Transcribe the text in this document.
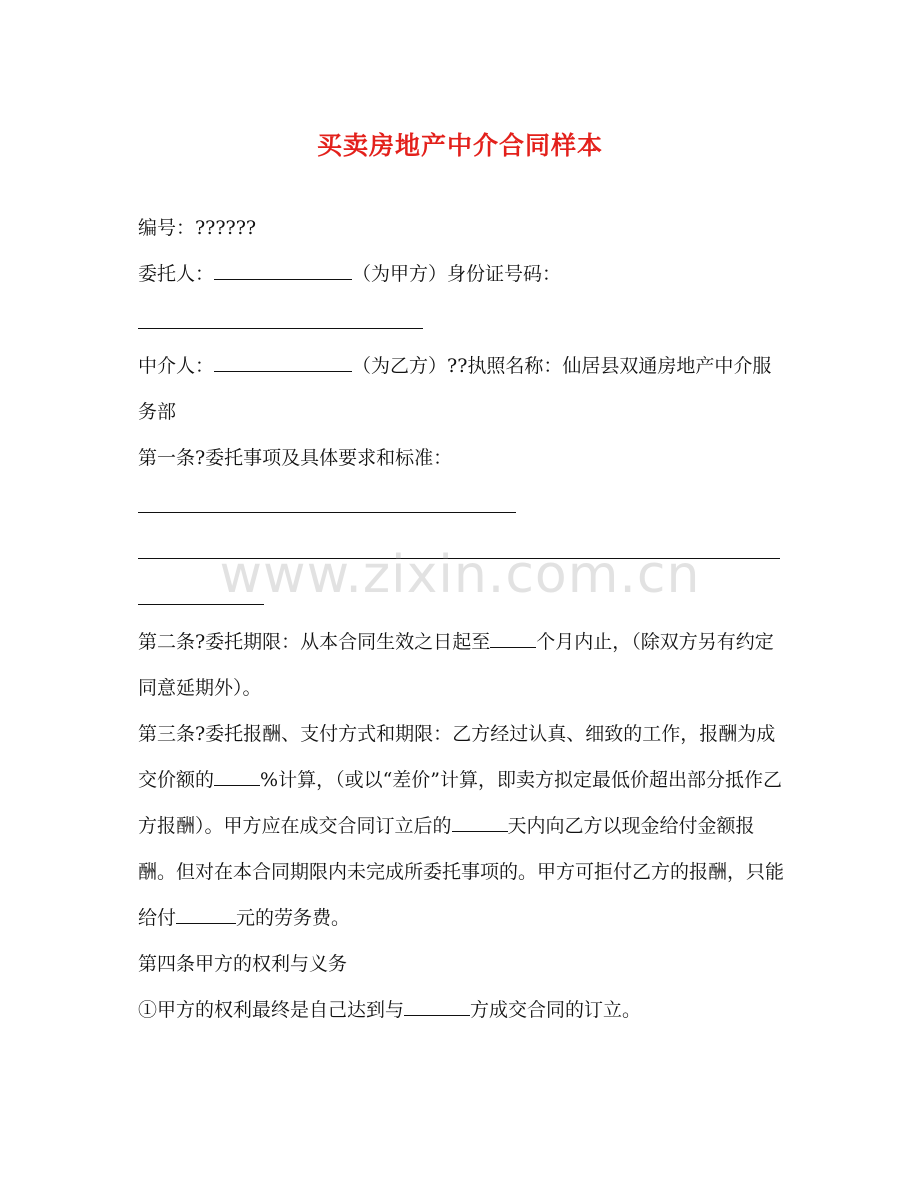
买卖房地产中介合同样本

编号：??????

委托人：	（为甲方）身份证号码：

中介人：	（为乙方）??执照名称：仙居县双通房地产中介服务部

第一条?委托事项及具体要求和标准：

第二条?委托期限：从本合同生效之日起至 个月内止，（除双方另有约定同意延期外）。

第三条?委托报酬、支付方式和期限：乙方经过认真、细致的工作，报酬为成交价额的 %计算，（或以“差价”计算，即卖方拟定最低价超出部分抵作乙方报酬）。甲方应在成交合同订立后的	天内向乙方以现金给付金额报酬。但对在本合同期限内未完成所委托事项的。甲方可拒付乙方的报酬，只能给付	元的劳务费。

第四条甲方的权利与义务

①甲方的权利最终是自己达到与	方成交合同的订立。

www.zixin.com.cn
